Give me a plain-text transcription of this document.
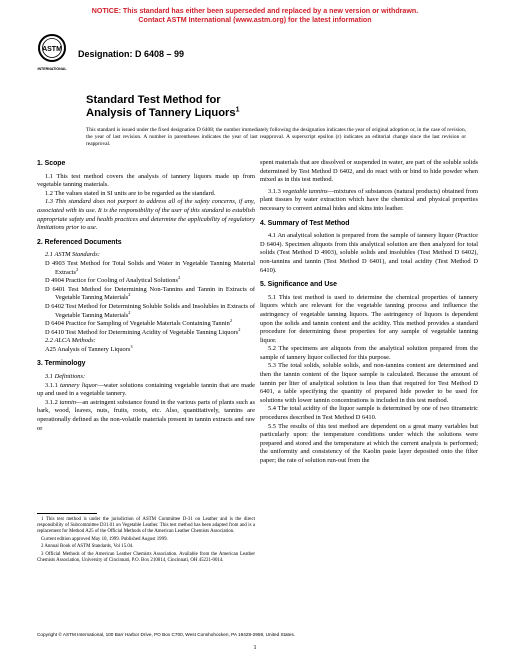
NOTICE: This standard has either been superseded and replaced by a new version or withdrawn.
Contact ASTM International (www.astm.org) for the latest information
ASTM
INTERNATIONAL
Designation: D 6408 – 99
Standard Test Method for
Analysis of Tannery Liquors$^1$
This standard is issued under the fixed designation D 6408; the number immediately following the designation indicates the year of original adoption or, in the case of revision, the year of last revision. A number in parentheses indicates the year of last reapproval. A superscript epsilon (ε) indicates an editorial change since the last revision or reapproval.

1. Scope

1.1 This test method covers the analysis of tannery liquors made up from vegetable tanning materials.

1.2 The values stated in SI units are to be regarded as the standard.

1.3 This standard does not purport to address all of the safety concerns, if any, associated with its use. It is the responsibility of the user of this standard to establish appropriate safety and health practices and determine the applicability of regulatory limitations prior to use.

2. Referenced Documents

2.1 ASTM Standards:

D 4903 Test Method for Total Solids and Water in Vegetable Tanning Material Extracts$^2$

D 4904 Practice for Cooling of Analytical Solutions$^2$

D 6401 Test Method for Determining Non-Tannins and Tannin in Extracts of Vegetable Tanning Materials$^2$

D 6402 Test Method for Determining Soluble Solids and Insolubles in Extracts of Vegetable Tanning Materials$^2$

D 6404 Practice for Sampling of Vegetable Materials Containing Tannin$^2$

D 6410 Test Method for Determining Acidity of Vegetable Tanning Liquors$^2$

2.2 ALCA Methods:

A25 Analysis of Tannery Liquors$^3$

3. Terminology

3.1 Definitions:

3.1.1 tannery liquor—water solutions containing vegetable tannin that are made up and used in a vegetable tannery.

3.1.2 tannin—an astringent substance found in the various parts of plants such as bark, wood, leaves, nuts, fruits, roots, etc. Also, quantitatively, tannins are operationally defined as the non-volatile materials present in tannin extracts and raw or

1 This test method is under the jurisdiction of ASTM Committee D-31 on Leather and is the direct responsibility of Subcommittee D31.01 on Vegetable Leather. This test method has been adapted from and is a replacement for Method A25 of the Official Methods of the American Leather Chemists Association.

Current edition approved May 10, 1999. Published August 1999.

2 Annual Book of ASTM Standards, Vol 15.04.

3 Official Methods of the American Leather Chemists Association. Available from the American Leather Chemists Association, University of Cincinnati, P.O. Box 210014, Cincinnati, OH 45221-0014.

spent materials that are dissolved or suspended in water, are part of the soluble solids determined by Test Method D 6402, and do react with or bind to hide powder when mixed as in this test method.

3.1.3 vegetable tannins—mixtures of substances (natural products) obtained from plant tissues by water extraction which have the chemical and physical properties necessary to convert animal hides and skins into leather.

4. Summary of Test Method

4.1 An analytical solution is prepared from the sample of tannery liquor (Practice D 6404). Specimen aliquots from this analytical solution are then analyzed for total solids (Test Method D 4903), soluble solids and insolubles (Test Method D 6402), non-tannins and tannin (Test Method D 6401), and total acidity (Test Method D 6410).

5. Significance and Use

5.1 This test method is used to determine the chemical properties of tannery liquors which are relevant for the vegetable tanning process and influence the astringency of vegetable tanning liquors. The astringency of liquors is dependent upon the solids and tannin content and the acidity. This method provides a standard procedure for determining these properties for any sample of vegetable tanning liquor.

5.2 The specimens are aliquots from the analytical solution prepared from the sample of tannery liquor collected for this purpose.

5.3 The total solids, soluble solids, and non-tannins content are determined and then the tannin content of the liquor sample is calculated. Because the amount of tannin per liter of analytical solution is less than that required for Test Method D 6401, a table specifying the quantity of prepared hide powder to be used for solutions with lower tannin concentrations is included in this test method.

5.4 The total acidity of the liquor sample is determined by one of two titrametric procedures described in Test Method D 6410.

5.5 The results of this test method are dependent on a great many variables but particularly upon: the temperature conditions under which the solutions were prepared and stored and the temperature at which the current analysis is performed; the uniformity and consistency of the Kaolin paste layer deposited onto the filter paper; the rate of solution run-out from the

Copyright © ASTM International, 100 Barr Harbor Drive, PO Box C700, West Conshohocken, PA 19428-2959, United States.
1
